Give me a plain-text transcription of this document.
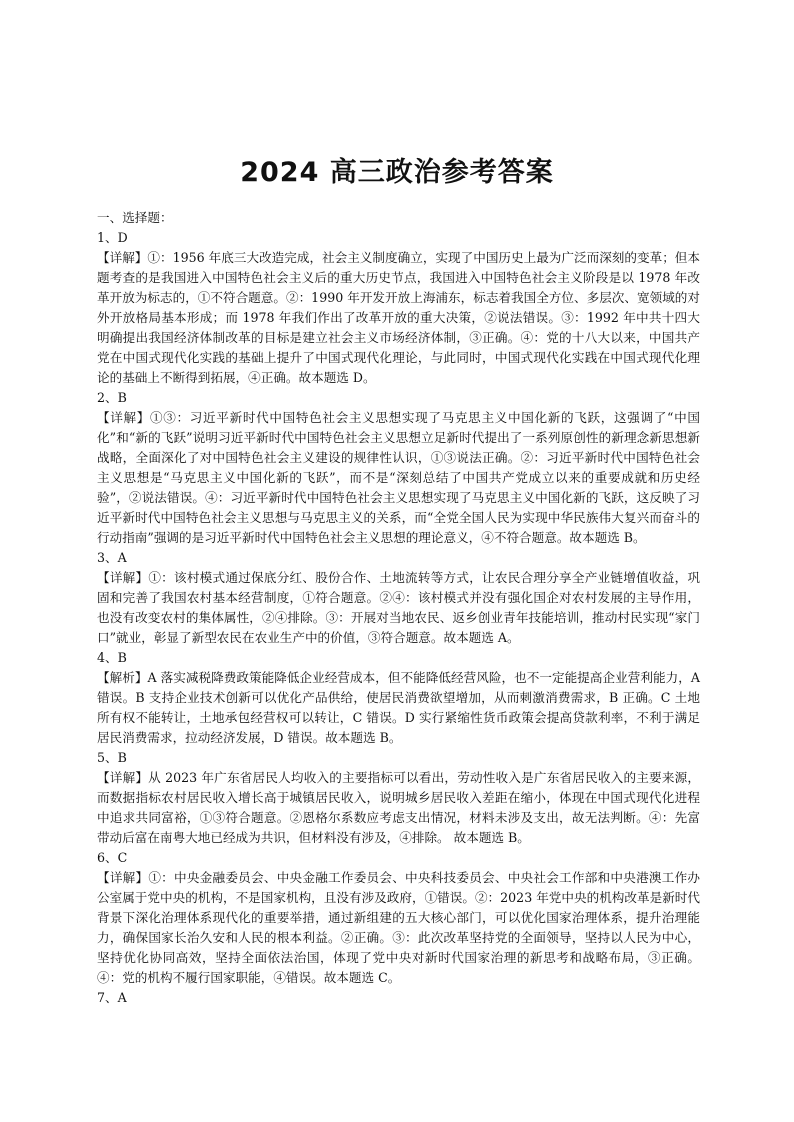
2024 高三政治参考答案

一、选择题：

1、D

【详解】①：1956 年底三大改造完成，社会主义制度确立，实现了中国历史上最为广泛而深刻的变革；但本题考查的是我国进入中国特色社会主义后的重大历史节点，我国进入中国特色社会主义阶段是以 1978 年改革开放为标志的，①不符合题意。②：1990 年开发开放上海浦东，标志着我国全方位、多层次、宽领域的对外开放格局基本形成；而 1978 年我们作出了改革开放的重大决策，②说法错误。③：1992 年中共十四大明确提出我国经济体制改革的目标是建立社会主义市场经济体制，③正确。④：党的十八大以来，中国共产党在中国式现代化实践的基础上提升了中国式现代化理论，与此同时，中国式现代化实践在中国式现代化理论的基础上不断得到拓展，④正确。故本题选 D。

2、B

【详解】①③：习近平新时代中国特色社会主义思想实现了马克思主义中国化新的飞跃，这强调了“中国化”和“新的飞跃”说明习近平新时代中国特色社会主义思想立足新时代提出了一系列原创性的新理念新思想新战略，全面深化了对中国特色社会主义建设的规律性认识，①③说法正确。②：习近平新时代中国特色社会主义思想是“马克思主义中国化新的飞跃”，而不是“深刻总结了中国共产党成立以来的重要成就和历史经验”，②说法错误。④：习近平新时代中国特色社会主义思想实现了马克思主义中国化新的飞跃，这反映了习近平新时代中国特色社会主义思想与马克思主义的关系，而“全党全国人民为实现中华民族伟大复兴而奋斗的行动指南”强调的是习近平新时代中国特色社会主义思想的理论意义，④不符合题意。故本题选 B。

3、A

【详解】①：该村模式通过保底分红、股份合作、土地流转等方式，让农民合理分享全产业链增值收益，巩固和完善了我国农村基本经营制度，①符合题意。②④：该村模式并没有强化国企对农村发展的主导作用，也没有改变农村的集体属性，②④排除。③：开展对当地农民、返乡创业青年技能培训，推动村民实现“家门口”就业，彰显了新型农民在农业生产中的价值，③符合题意。故本题选 A。

4、B

【解析】A 落实减税降费政策能降低企业经营成本，但不能降低经营风险，也不一定能提高企业营利能力，A 错误。B 支持企业技术创新可以优化产品供给，使居民消费欲望增加，从而刺激消费需求，B 正确。C 土地所有权不能转让，土地承包经营权可以转让，C 错误。D 实行紧缩性货币政策会提高贷款利率，不利于满足居民消费需求，拉动经济发展，D 错误。故本题选 B。

5、B

【详解】从 2023 年广东省居民人均收入的主要指标可以看出，劳动性收入是广东省居民收入的主要来源，而数据指标农村居民收入增长高于城镇居民收入，说明城乡居民收入差距在缩小，体现在中国式现代化进程中追求共同富裕，①③符合题意。②恩格尔系数应考虑支出情况，材料未涉及支出，故无法判断。④：先富带动后富在南粤大地已经成为共识，但材料没有涉及，④排除。 故本题选 B。

6、C

【详解】①：中央金融委员会、中央金融工作委员会、中央科技委员会、中央社会工作部和中央港澳工作办公室属于党中央的机构，不是国家机构，且没有涉及政府，①错误。②：2023 年党中央的机构改革是新时代背景下深化治理体系现代化的重要举措，通过新组建的五大核心部门，可以优化国家治理体系，提升治理能力，确保国家长治久安和人民的根本利益。②正确。③：此次改革坚持党的全面领导，坚持以人民为中心，坚持优化协同高效，坚持全面依法治国，体现了党中央对新时代国家治理的新思考和战略布局，③正确。④：党的机构不履行国家职能，④错误。故本题选 C。

7、A
